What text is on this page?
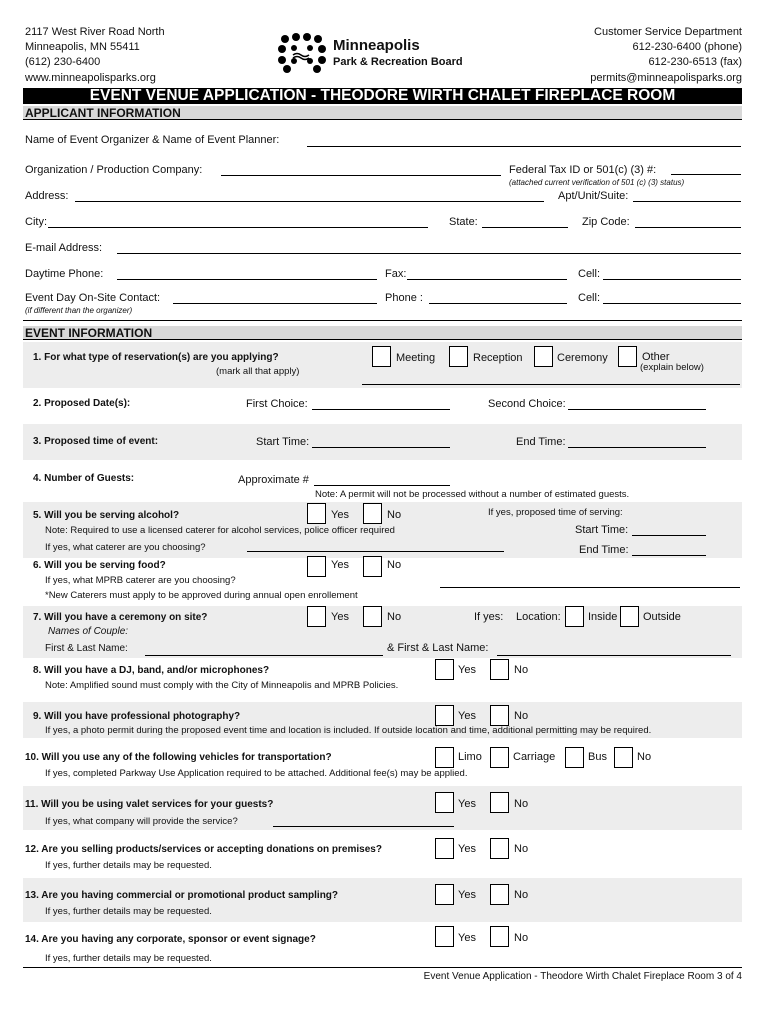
2117 West River Road North
Minneapolis, MN 55411
(612) 230-6400
www.minneapolisparks.org
Minneapolis
Park & Recreation Board
Customer Service Department
612-230-6400 (phone)
612-230-6513 (fax)
permits@minneapolisparks.org
EVENT VENUE APPLICATION - THEODORE WIRTH CHALET FIREPLACE ROOM
APPLICANT INFORMATION
Name of Event Organizer & Name of Event Planner:
Organization / Production Company:	Federal Tax ID or 501(c) (3) #:
(attached current verification of 501 (c) (3) status)
Address:	Apt/Unit/Suite:
City:	State:	Zip Code:
E-mail Address:
Daytime Phone:	Fax:	Cell:
Event Day On-Site Contact:
(if different than the organizer)
Phone :	Cell:
EVENT INFORMATION
1. For what type of reservation(s) are you applying?
(mark all that apply)
Meeting	Reception	Ceremony	Other
(explain below)
2. Proposed Date(s):	First Choice:	Second Choice:
3. Proposed time of event:	Start Time:	End Time:
4. Number of Guests:	Approximate #
Note: A permit will not be processed without a number of estimated guests.
5. Will you be serving alcohol?	Yes	No	If yes, proposed time of serving:
Note: Required to use a licensed caterer for alcohol services, police officer required	Start Time:
If yes, what caterer are you choosing?	End Time:
6. Will you be serving food?	Yes	No
If yes, what MPRB caterer are you choosing?
*New Caterers must apply to be approved during annual open enrollement
7. Will you have a ceremony on site?	Yes	No	If yes: Location: Inside Outside
Names of Couple:
First & Last Name:	& First & Last Name:
8. Will you have a DJ, band, and/or microphones?	Yes	No
Note: Amplified sound must comply with the City of Minneapolis and MPRB Policies.
9. Will you have professional photography?	Yes	No
If yes, a photo permit during the proposed event time and location is included. If outside location and time, additional permitting may be required.
10. Will you use any of the following vehicles for transportation?	Limo	Carriage	Bus	No
If yes, completed Parkway Use Application required to be attached. Additional fee(s) may be applied.
11. Will you be using valet services for your guests?	Yes	No
If yes, what company will provide the service?
12. Are you selling products/services or accepting donations on premises?	Yes	No
If yes, further details may be requested.
13. Are you having commercial or promotional product sampling?	Yes	No
If yes, further details may be requested.
14. Are you having any corporate, sponsor or event signage?	Yes	No
If yes, further details may be requested.
Event Venue Application - Theodore Wirth Chalet Fireplace Room 3 of 4
